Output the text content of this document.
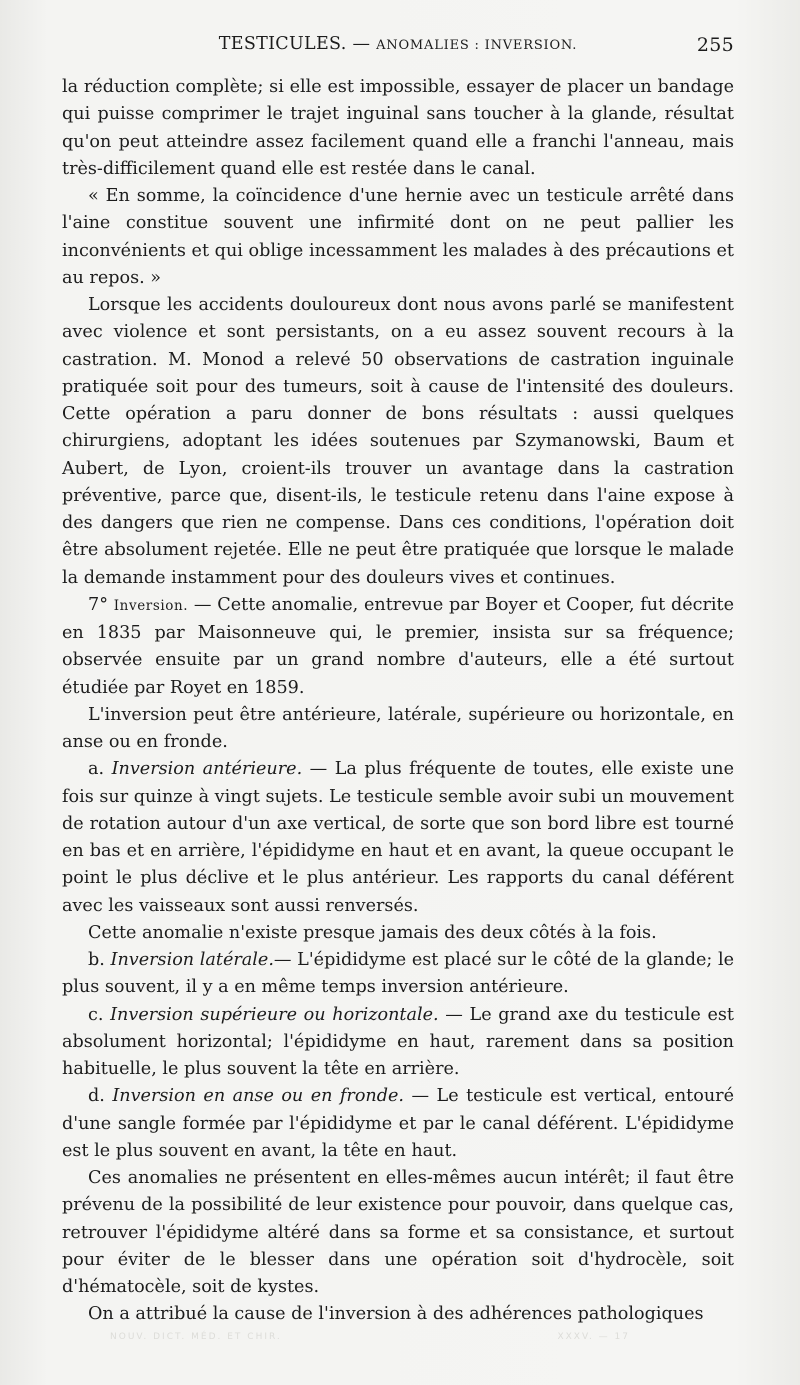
TESTICULES. — ANOMALIES : INVERSION.	255

la réduction complète; si elle est impossible, essayer de placer un bandage qui puisse comprimer le trajet inguinal sans toucher à la glande, résultat qu'on peut atteindre assez facilement quand elle a franchi l'anneau, mais très-difficilement quand elle est restée dans le canal.

« En somme, la coïncidence d'une hernie avec un testicule arrêté dans l'aine constitue souvent une infirmité dont on ne peut pallier les inconvénients et qui oblige incessamment les malades à des précautions et au repos. »

Lorsque les accidents douloureux dont nous avons parlé se manifestent avec violence et sont persistants, on a eu assez souvent recours à la castration. M. Monod a relevé 50 observations de castration inguinale pratiquée soit pour des tumeurs, soit à cause de l'intensité des douleurs. Cette opération a paru donner de bons résultats : aussi quelques chirurgiens, adoptant les idées soutenues par Szymanowski, Baum et Aubert, de Lyon, croient-ils trouver un avantage dans la castration préventive, parce que, disent-ils, le testicule retenu dans l'aine expose à des dangers que rien ne compense. Dans ces conditions, l'opération doit être absolument rejetée. Elle ne peut être pratiquée que lorsque le malade la demande instamment pour des douleurs vives et continues.

7° Inversion. — Cette anomalie, entrevue par Boyer et Cooper, fut décrite en 1835 par Maisonneuve qui, le premier, insista sur sa fréquence; observée ensuite par un grand nombre d'auteurs, elle a été surtout étudiée par Royet en 1859.

L'inversion peut être antérieure, latérale, supérieure ou horizontale, en anse ou en fronde.

a. Inversion antérieure. — La plus fréquente de toutes, elle existe une fois sur quinze à vingt sujets. Le testicule semble avoir subi un mouvement de rotation autour d'un axe vertical, de sorte que son bord libre est tourné en bas et en arrière, l'épididyme en haut et en avant, la queue occupant le point le plus déclive et le plus antérieur. Les rapports du canal déférent avec les vaisseaux sont aussi renversés.

Cette anomalie n'existe presque jamais des deux côtés à la fois.

b. Inversion latérale.— L'épididyme est placé sur le côté de la glande; le plus souvent, il y a en même temps inversion antérieure.

c. Inversion supérieure ou horizontale. — Le grand axe du testicule est absolument horizontal; l'épididyme en haut, rarement dans sa position habituelle, le plus souvent la tête en arrière.

d. Inversion en anse ou en fronde. — Le testicule est vertical, entouré d'une sangle formée par l'épididyme et par le canal déférent. L'épididyme est le plus souvent en avant, la tête en haut.

Ces anomalies ne présentent en elles-mêmes aucun intérêt; il faut être prévenu de la possibilité de leur existence pour pouvoir, dans quelque cas, retrouver l'épididyme altéré dans sa forme et sa consistance, et surtout pour éviter de le blesser dans une opération soit d'hydrocèle, soit d'hématocèle, soit de kystes.

On a attribué la cause de l'inversion à des adhérences pathologiques

NOUV. DICT. MÉD. ET CHIR.	XXXV. — 17
